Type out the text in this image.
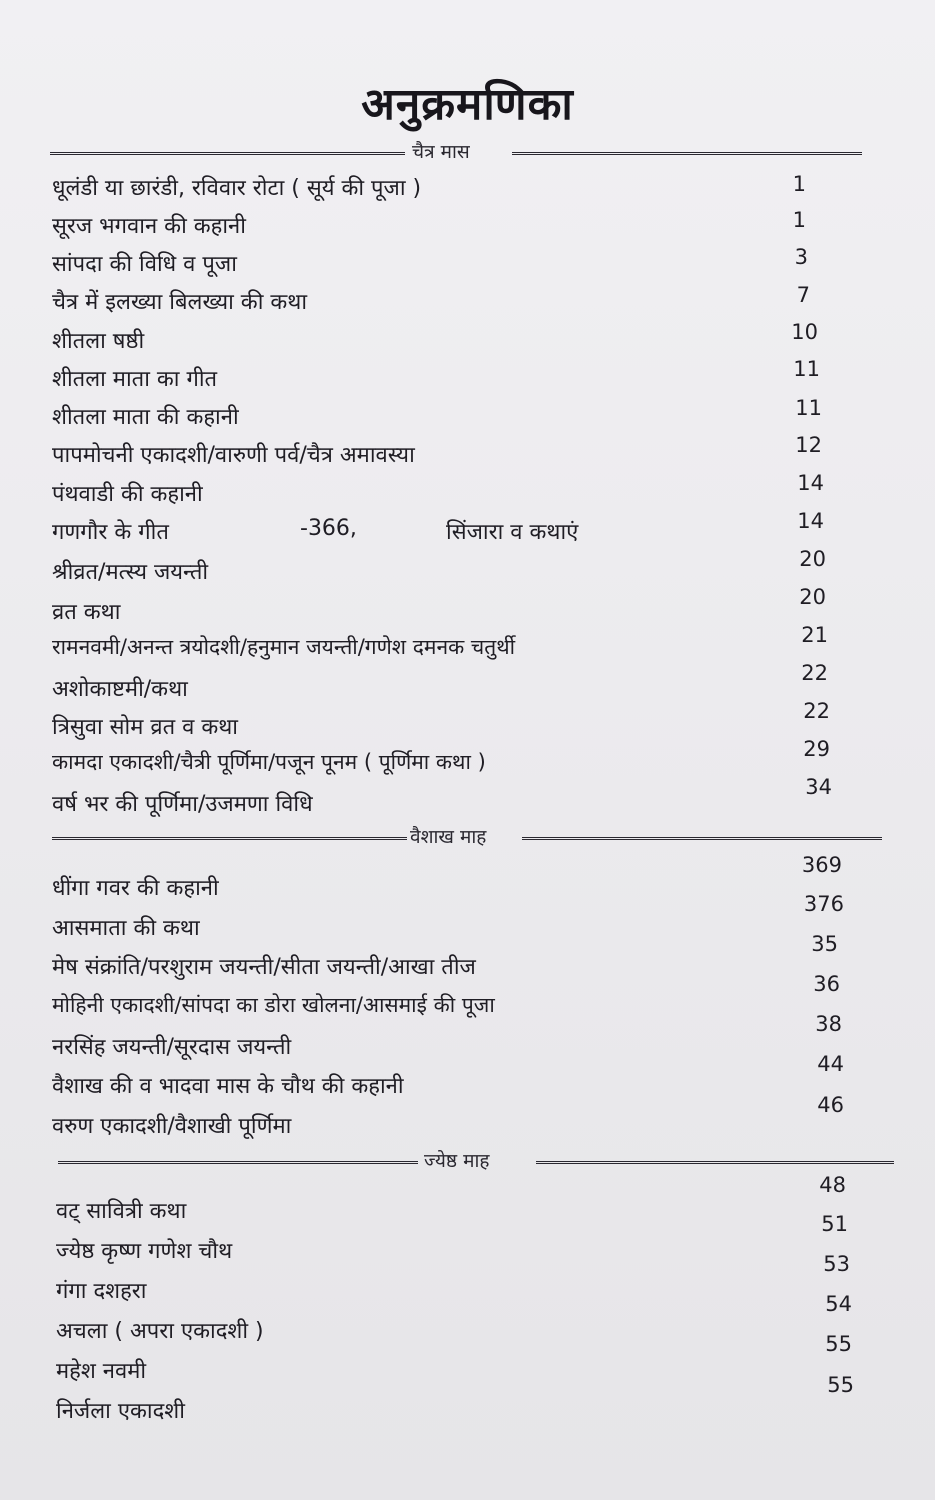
अनुक्रमणिका
चैत्र मास
वैशाख माह
ज्येष्ठ माह
धूलंडी या छारंडी, रविवार रोटा ( सूर्य की पूजा )
सूरज भगवान की कहानी
सांपदा की विधि व पूजा
चैत्र में इलख्या बिलख्या की कथा
शीतला षष्ठी
शीतला माता का गीत
शीतला माता की कहानी
पापमोचनी एकादशी/वारुणी पर्व/चैत्र अमावस्या
पंथवाडी की कहानी
गणगौर के गीत	-366,	सिंजारा व कथाएं
श्रीव्रत/मत्स्य जयन्ती
व्रत कथा
रामनवमी/अनन्त त्रयोदशी/हनुमान जयन्ती/गणेश दमनक चतुर्थी
अशोकाष्टमी/कथा
त्रिसुवा सोम व्रत व कथा
कामदा एकादशी/चैत्री पूर्णिमा/पजून पूनम ( पूर्णिमा कथा )
वर्ष भर की पूर्णिमा/उजमणा विधि
धींगा गवर की कहानी
आसमाता की कथा
मेष संक्रांति/परशुराम जयन्ती/सीता जयन्ती/आखा तीज
मोहिनी एकादशी/सांपदा का डोरा खोलना/आसमाई की पूजा
नरसिंह जयन्ती/सूरदास जयन्ती
वैशाख की व भादवा मास के चौथ की कहानी
वरुण एकादशी/वैशाखी पूर्णिमा
वट् सावित्री कथा
ज्येष्ठ कृष्ण गणेश चौथ
गंगा दशहरा
अचला ( अपरा एकादशी )
महेश नवमी
निर्जला एकादशी
1
1
3
7
10
11
11
12
14
14
20
20
21
22
22
29
34
369
376
35
36
38
44
46
48
51
53
54
55
55
